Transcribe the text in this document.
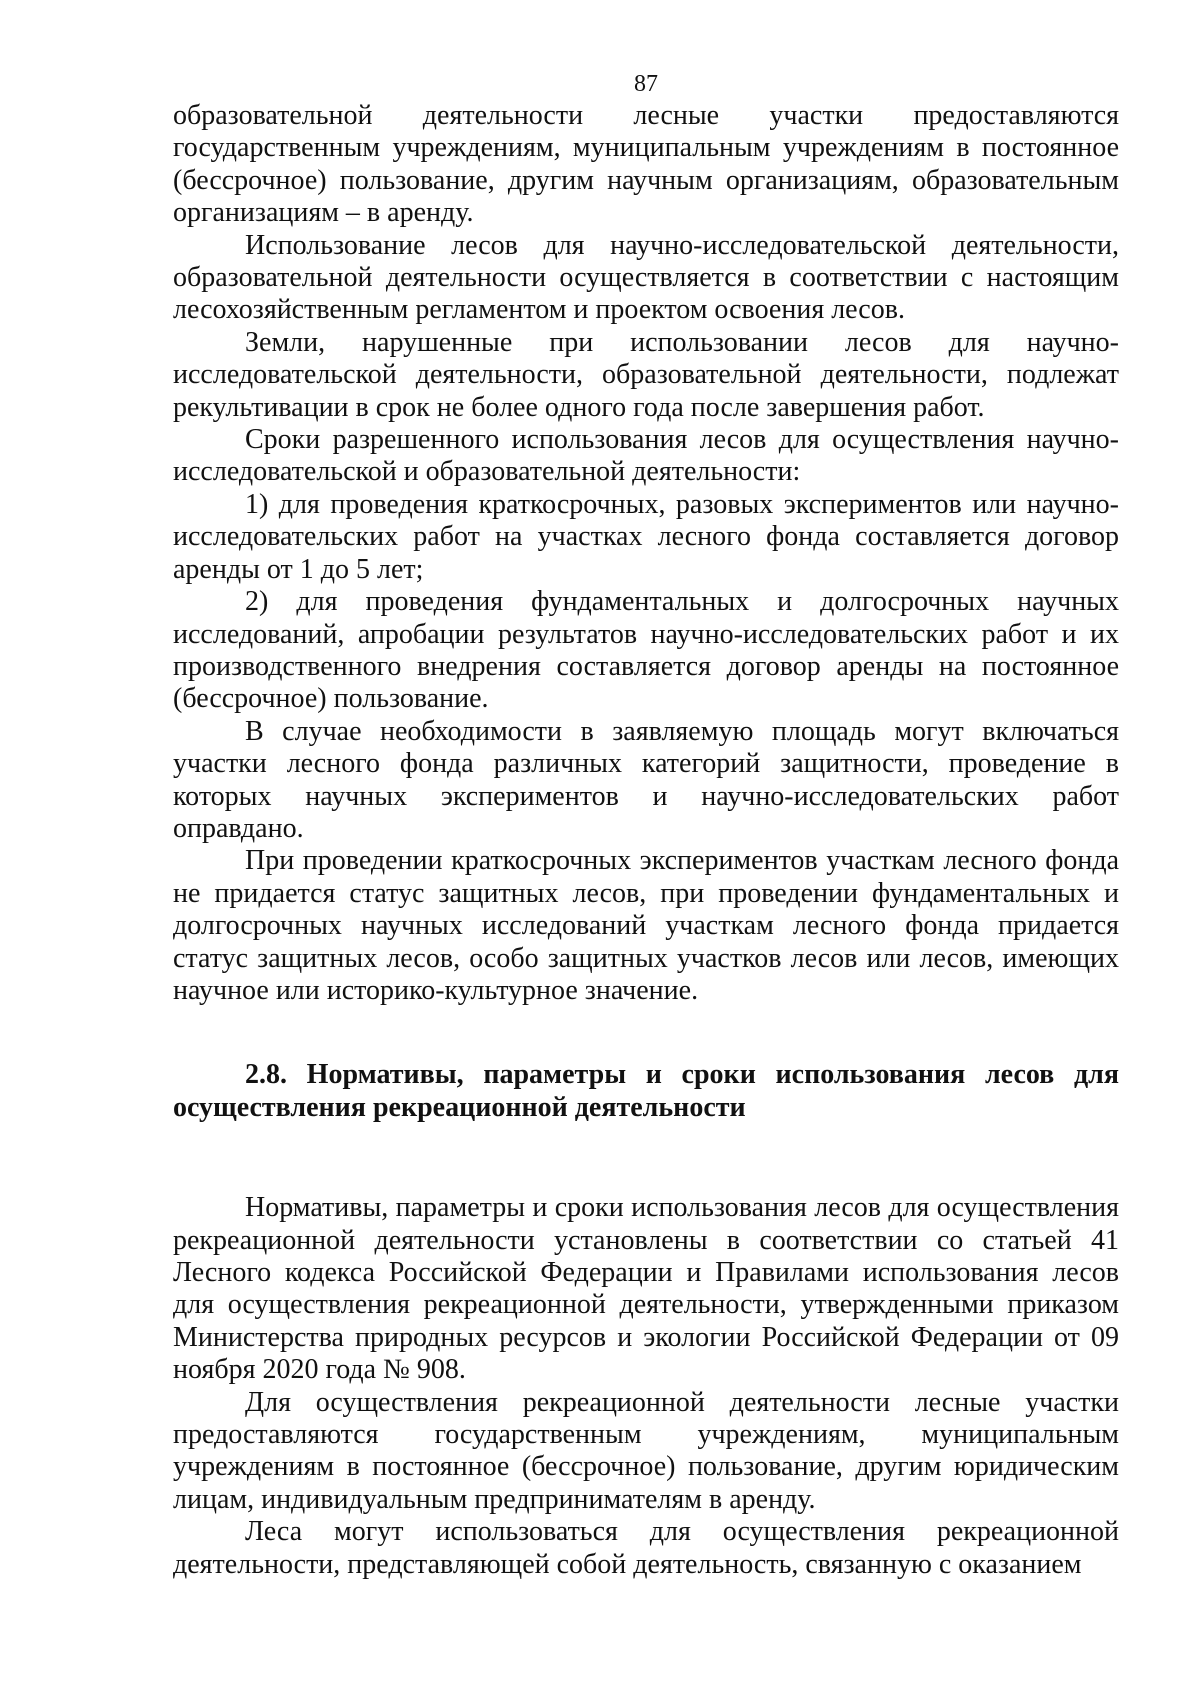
87

образовательной деятельности лесные участки предоставляются государственным учреждениям, муниципальным учреждениям в постоянное (бессрочное) пользование, другим научным организациям, образовательным организациям – в аренду.

Использование лесов для научно-исследовательской деятельности, образовательной деятельности осуществляется в соответствии с настоящим лесохозяйственным регламентом и проектом освоения лесов.

Земли, нарушенные при использовании лесов для научно-исследовательской деятельности, образовательной деятельности, подлежат рекультивации в срок не более одного года после завершения работ.

Сроки разрешенного использования лесов для осуществления научно-исследовательской и образовательной деятельности:

1) для проведения краткосрочных, разовых экспериментов или научно-исследовательских работ на участках лесного фонда составляется договор аренды от 1 до 5 лет;

2) для проведения фундаментальных и долгосрочных научных исследований, апробации результатов научно-исследовательских работ и их производственного внедрения составляется договор аренды на постоянное (бессрочное) пользование.

В случае необходимости в заявляемую площадь могут включаться участки лесного фонда различных категорий защитности, проведение в которых научных экспериментов и научно-исследовательских работ оправдано.

При проведении краткосрочных экспериментов участкам лесного фонда не придается статус защитных лесов, при проведении фундаментальных и долгосрочных научных исследований участкам лесного фонда придается статус защитных лесов, особо защитных участков лесов или лесов, имеющих научное или историко-культурное значение.

2.8. Нормативы, параметры и сроки использования лесов для осуществления рекреационной деятельности

Нормативы, параметры и сроки использования лесов для осуществления рекреационной деятельности установлены в соответствии со статьей 41 Лесного кодекса Российской Федерации и Правилами использования лесов для осуществления рекреационной деятельности, утвержденными приказом Министерства природных ресурсов и экологии Российской Федерации от 09 ноября 2020 года № 908.

Для осуществления рекреационной деятельности лесные участки предоставляются государственным учреждениям, муниципальным учреждениям в постоянное (бессрочное) пользование, другим юридическим лицам, индивидуальным предпринимателям в аренду.

Леса могут использоваться для осуществления рекреационной деятельности, представляющей собой деятельность, связанную с оказанием
